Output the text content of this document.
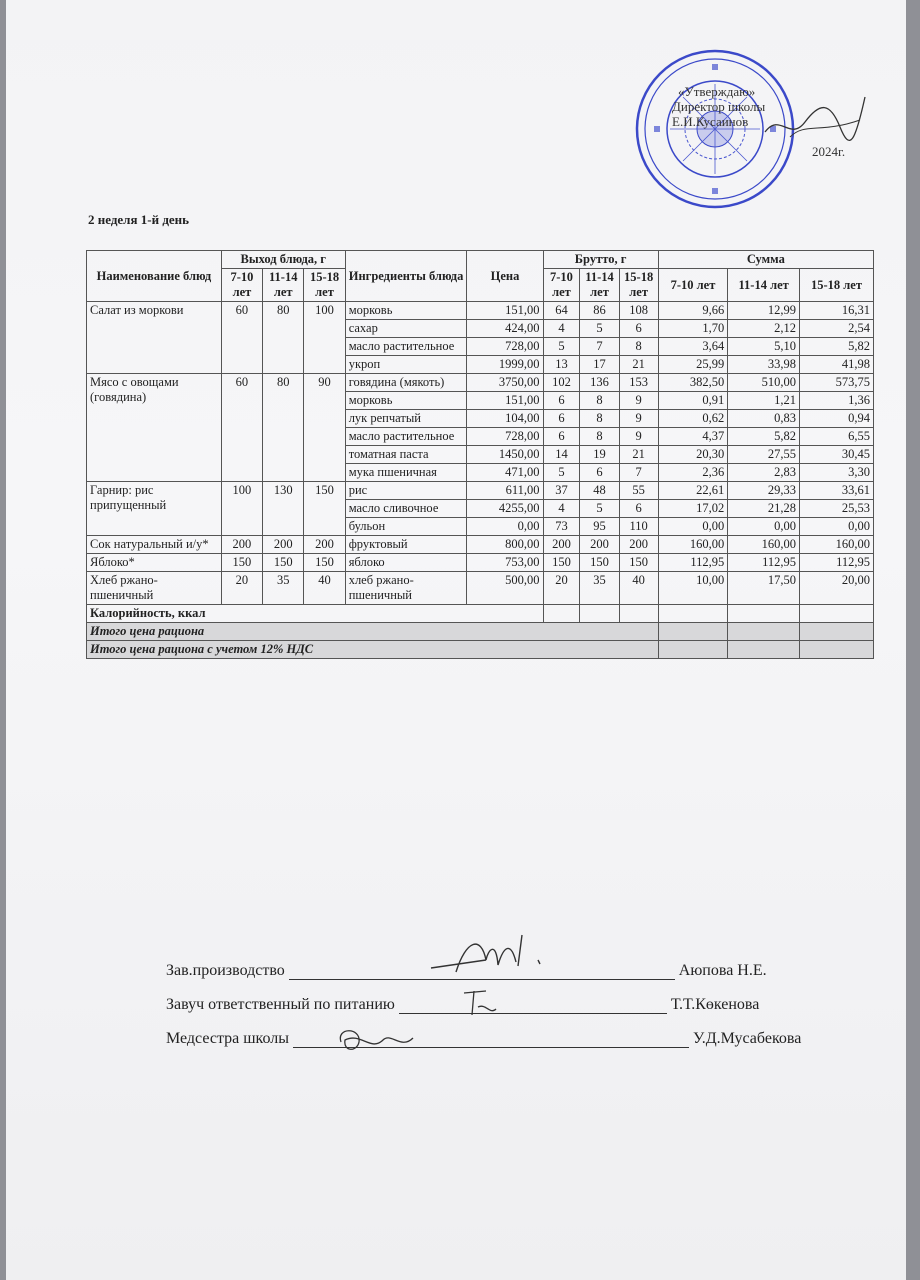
«Утверждаю»
Директор школы
Е.И.Кусаинов
2024г.
2 неделя 1-й день
Наименование блюд	Выход блюда, г			Ингредиенты блюда	Цена	Брутто, г			Сумма		
	7-10 лет	11-14 лет	15-18 лет			7-10 лет	11-14 лет	15-18 лет	7-10 лет	11-14 лет	15-18 лет
Салат из моркови	60	80	100	морковь	151,00	64	86	108	9,66	12,99	16,31
				сахар	424,00	4	5	6	1,70	2,12	2,54
				масло растительное	728,00	5	7	8	3,64	5,10	5,82
				укроп	1999,00	13	17	21	25,99	33,98	41,98
Мясо с овощами (говядина)	60	80	90	говядина (мякоть)	3750,00	102	136	153	382,50	510,00	573,75
				морковь	151,00	6	8	9	0,91	1,21	1,36
				лук репчатый	104,00	6	8	9	0,62	0,83	0,94
				масло растительное	728,00	6	8	9	4,37	5,82	6,55
				томатная паста	1450,00	14	19	21	20,30	27,55	30,45
				мука пшеничная	471,00	5	6	7	2,36	2,83	3,30
Гарнир: рис припущенный	100	130	150	рис	611,00	37	48	55	22,61	29,33	33,61
				масло сливочное	4255,00	4	5	6	17,02	21,28	25,53
				бульон	0,00	73	95	110	0,00	0,00	0,00
Сок натуральный и/у*	200	200	200	фруктовый	800,00	200	200	200	160,00	160,00	160,00
Яблоко*	150	150	150	яблоко	753,00	150	150	150	112,95	112,95	112,95
Хлеб ржано-пшеничный	20	35	40	хлеб ржано-пшеничный	500,00	20	35	40	10,00	17,50	20,00
Калорийность, ккал											
Итого цена рациона											
Итого цена рациона с учетом 12% НДС											
Зав.производство	Аюпова Н.Е.
Завуч ответственный по питанию	Т.Т.Көкенова
Медсестра школы	У.Д.Мусабекова
